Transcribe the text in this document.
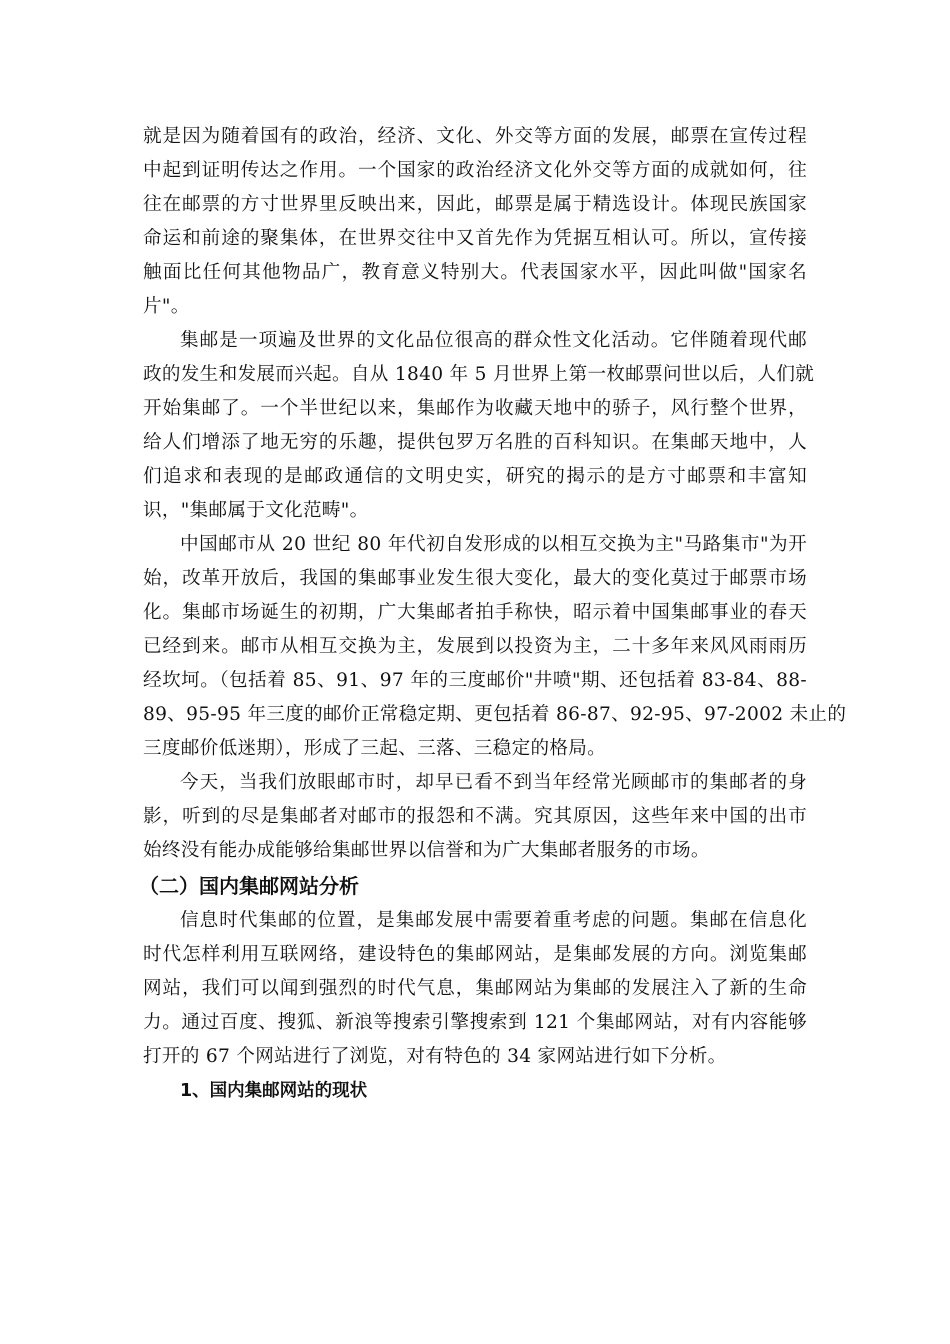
就是因为随着国有的政治，经济、文化、外交等方面的发展，邮票在宣传过程
中起到证明传达之作用。一个国家的政治经济文化外交等方面的成就如何，往
往在邮票的方寸世界里反映出来，因此，邮票是属于精选设计。体现民族国家
命运和前途的聚集体，在世界交往中又首先作为凭据互相认可。所以，宣传接
触面比任何其他物品广，教育意义特别大。代表国家水平，因此叫做"国家名
片"。
集邮是一项遍及世界的文化品位很高的群众性文化活动。它伴随着现代邮
政的发生和发展而兴起。自从 1840 年 5 月世界上第一枚邮票问世以后，人们就
开始集邮了。一个半世纪以来，集邮作为收藏天地中的骄子，风行整个世界，
给人们增添了地无穷的乐趣，提供包罗万名胜的百科知识。在集邮天地中，人
们追求和表现的是邮政通信的文明史实，研究的揭示的是方寸邮票和丰富知
识，"集邮属于文化范畴"。
中国邮市从 20 世纪 80 年代初自发形成的以相互交换为主"马路集市"为开
始，改革开放后，我国的集邮事业发生很大变化，最大的变化莫过于邮票市场
化。集邮市场诞生的初期，广大集邮者拍手称快，昭示着中国集邮事业的春天
已经到来。邮市从相互交换为主，发展到以投资为主，二十多年来风风雨雨历
经坎坷。（包括着 85、91、97 年的三度邮价"井喷"期、还包括着 83-84、88-
89、95-95 年三度的邮价正常稳定期、更包括着 86-87、92-95、97-2002 未止的
三度邮价低迷期），形成了三起、三落、三稳定的格局。
今天，当我们放眼邮市时，却早已看不到当年经常光顾邮市的集邮者的身
影，听到的尽是集邮者对邮市的报怨和不满。究其原因，这些年来中国的出市
始终没有能办成能够给集邮世界以信誉和为广大集邮者服务的市场。
（二）国内集邮网站分析
信息时代集邮的位置，是集邮发展中需要着重考虑的问题。集邮在信息化
时代怎样利用互联网络，建设特色的集邮网站，是集邮发展的方向。浏览集邮
网站，我们可以闻到强烈的时代气息，集邮网站为集邮的发展注入了新的生命
力。通过百度、搜狐、新浪等搜索引擎搜索到 121 个集邮网站，对有内容能够
打开的 67 个网站进行了浏览，对有特色的 34 家网站进行如下分析。
1、国内集邮网站的现状
